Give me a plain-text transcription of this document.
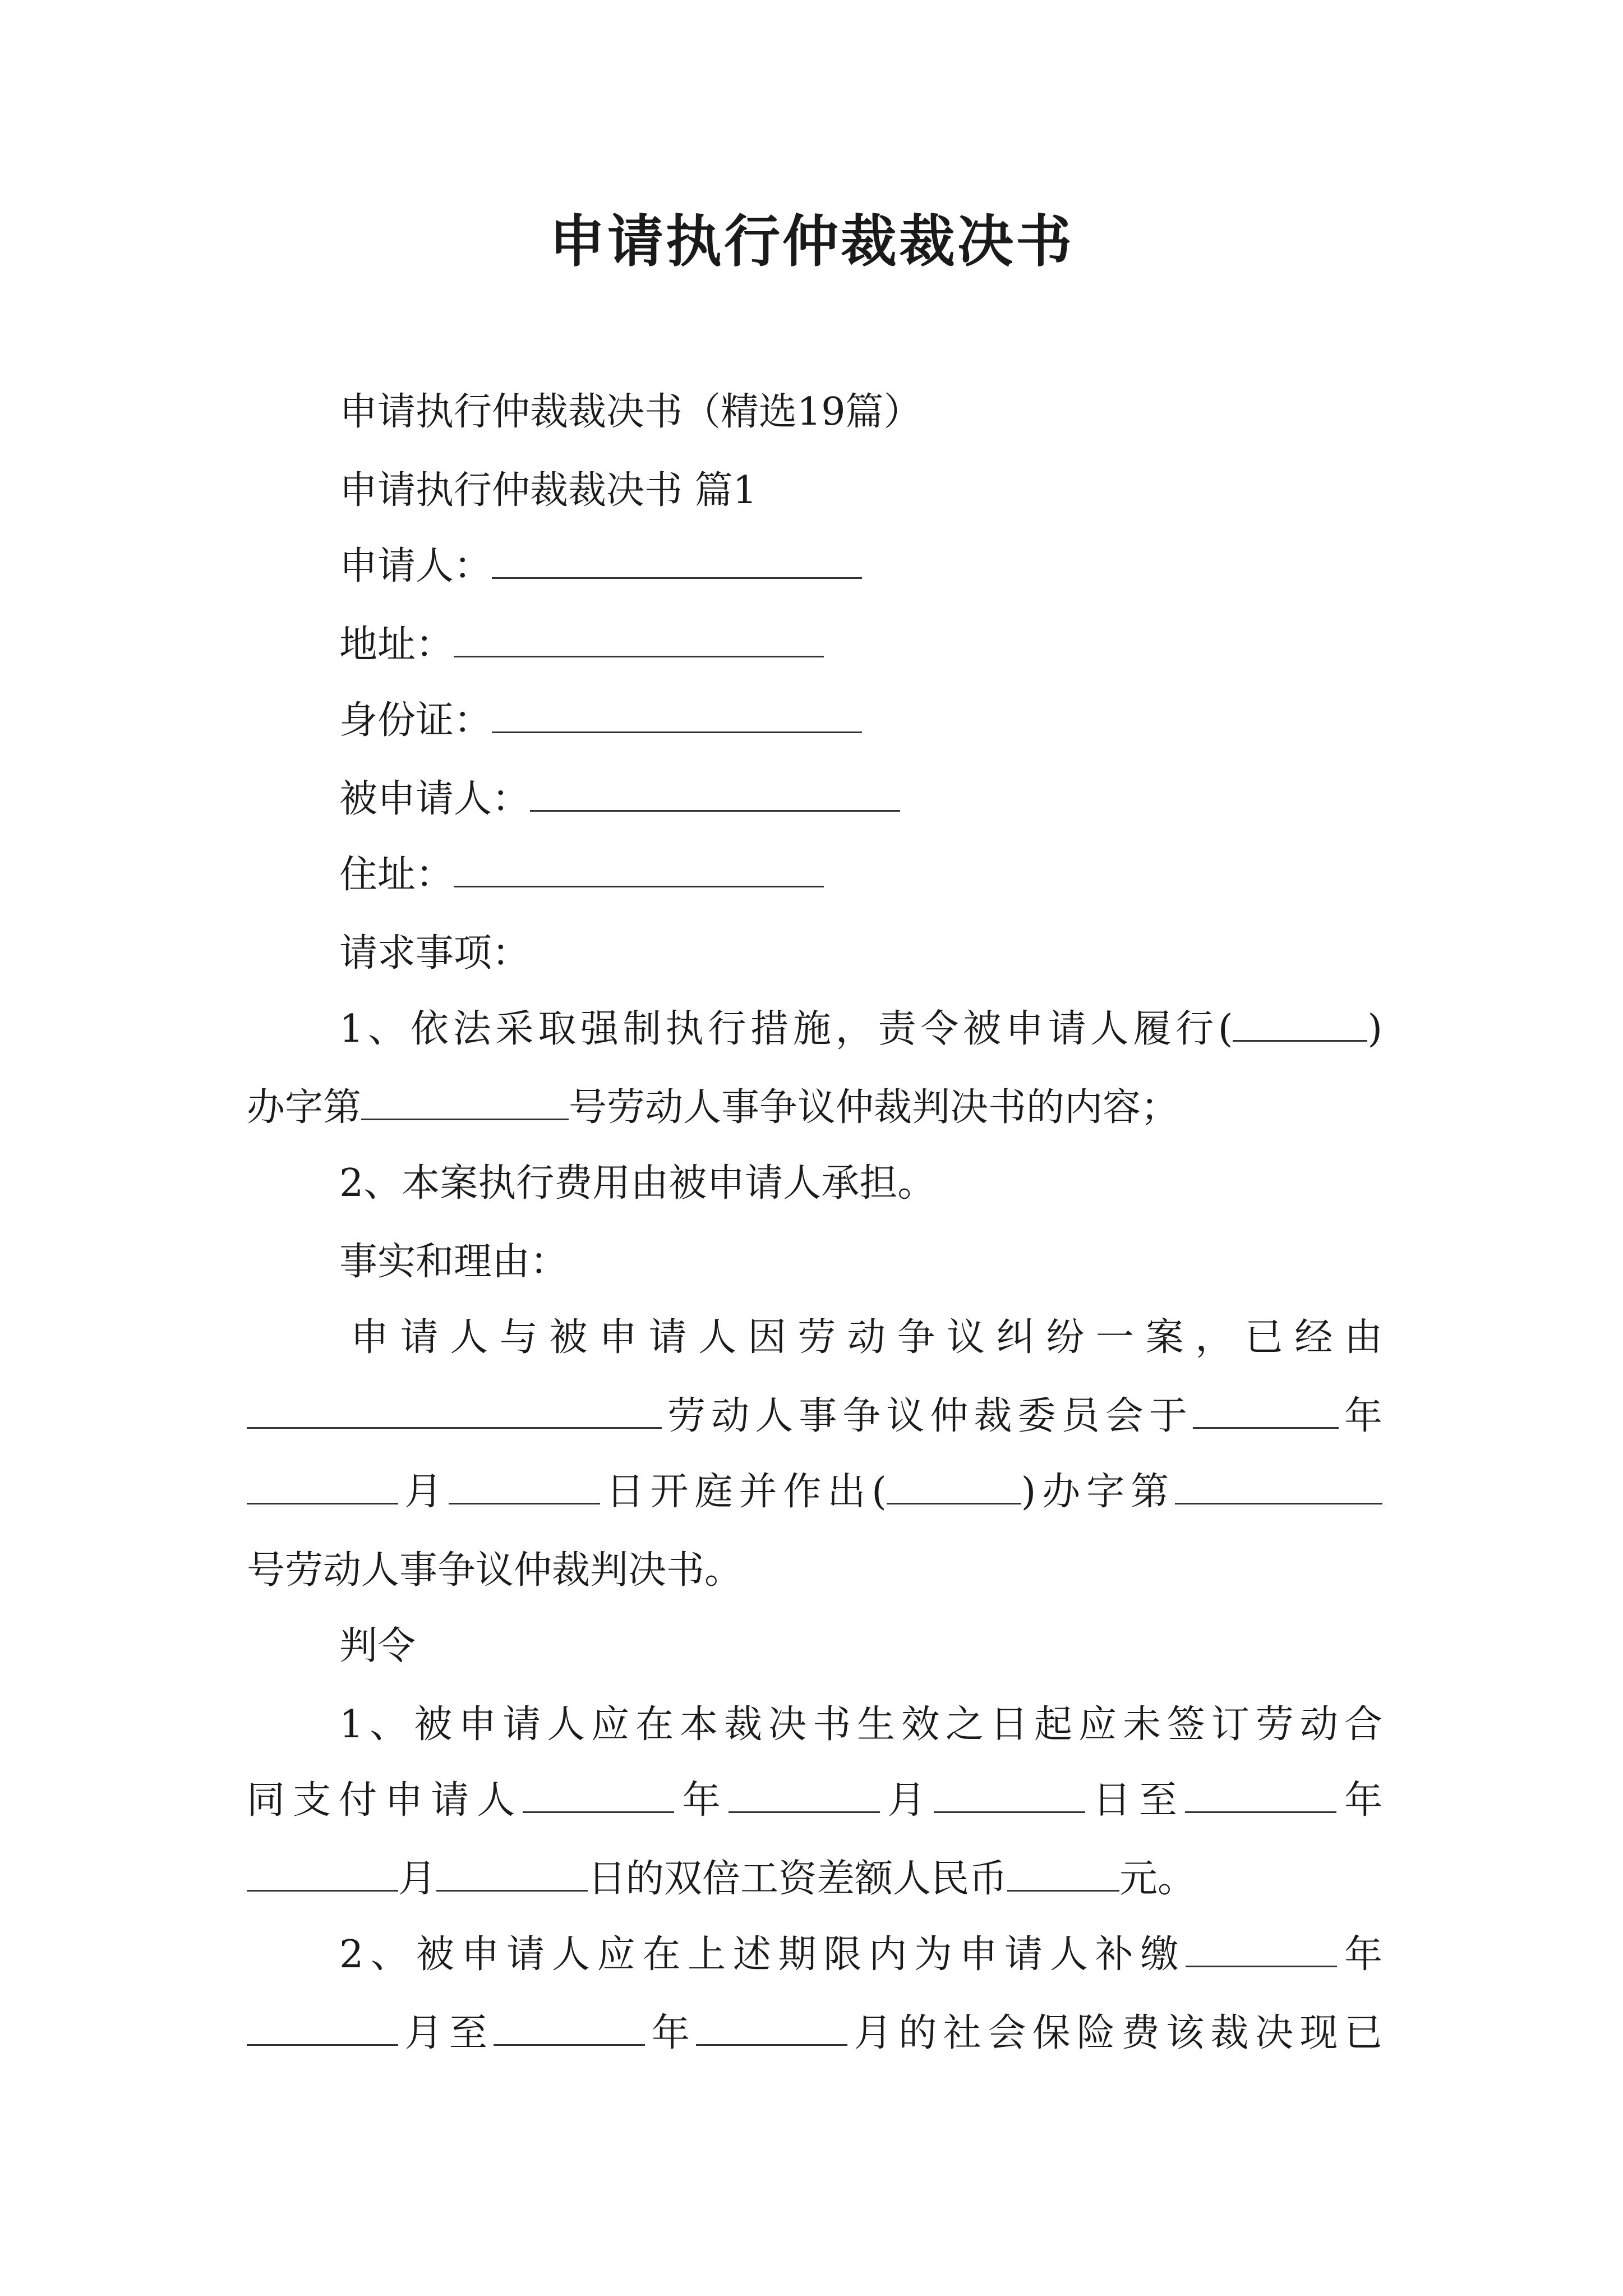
申请执行仲裁裁决书
申请执行仲裁裁决书（精选19篇）
申请执行仲裁裁决书 篇1
申请人：
地址：
身份证：
被申请人：
住址：
请求事项：
1、依法采取强制执行措施，责令被申请人履行(	)
办字第	号劳动人事争议仲裁判决书的内容；
2、本案执行费用由被申请人承担。
事实和理由：
申请人与被申请人因劳动争议纠纷一案，已经由
劳动人事争议仲裁委员会于	年
月	日开庭并作出(	)办字第
号劳动人事争议仲裁判决书。
判令
1、被申请人应在本裁决书生效之日起应未签订劳动合
同支付申请人	年	月	日至	年
月	日的双倍工资差额人民币	元。
2、被申请人应在上述期限内为申请人补缴	年
月至	年	月的社会保险费该裁决现已
